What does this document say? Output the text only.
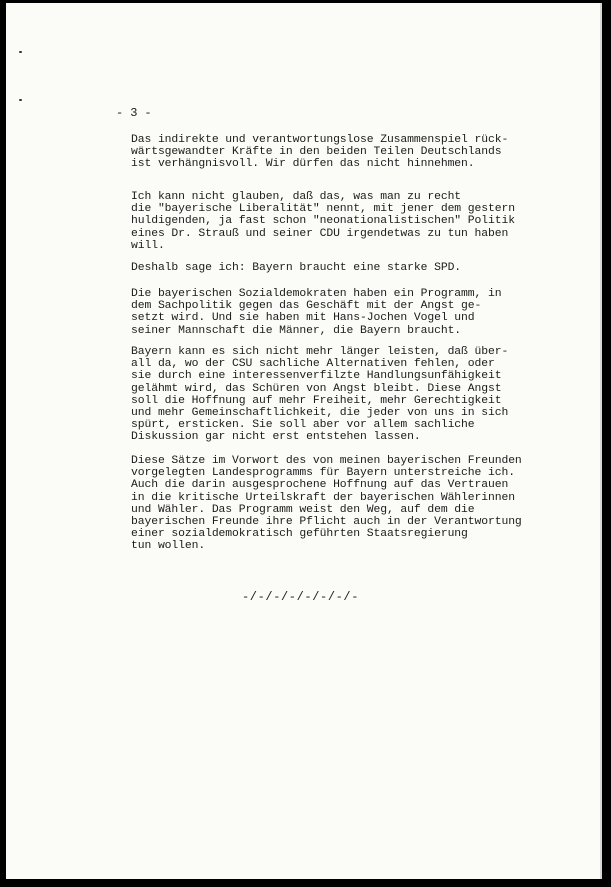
- 3 -

Das indirekte und verantwortungslose Zusammenspiel rück-
wärtsgewandter Kräfte in den beiden Teilen Deutschlands
ist verhängnisvoll. Wir dürfen das nicht hinnehmen.

Ich kann nicht glauben, daß das, was man zu recht
die "bayerische Liberalität" nennt, mit jener dem gestern
huldigenden, ja fast schon "neonationalistischen" Politik
eines Dr. Strauß und seiner CDU irgendetwas zu tun haben
will.

Deshalb sage ich: Bayern braucht eine starke SPD.

Die bayerischen Sozialdemokraten haben ein Programm, in
dem Sachpolitik gegen das Geschäft mit der Angst ge-
setzt wird. Und sie haben mit Hans-Jochen Vogel und
seiner Mannschaft die Männer, die Bayern braucht.

Bayern kann es sich nicht mehr länger leisten, daß über-
all da, wo der CSU sachliche Alternativen fehlen, oder
sie durch eine interessenverfilzte Handlungsunfähigkeit
gelähmt wird, das Schüren von Angst bleibt. Diese Angst
soll die Hoffnung auf mehr Freiheit, mehr Gerechtigkeit
und mehr Gemeinschaftlichkeit, die jeder von uns in sich
spürt, ersticken. Sie soll aber vor allem sachliche
Diskussion gar nicht erst entstehen lassen.

Diese Sätze im Vorwort des von meinen bayerischen Freunden
vorgelegten Landesprogramms für Bayern unterstreiche ich.
Auch die darin ausgesprochene Hoffnung auf das Vertrauen
in die kritische Urteilskraft der bayerischen Wählerinnen
und Wähler. Das Programm weist den Weg, auf dem die
bayerischen Freunde ihre Pflicht auch in der Verantwortung
einer sozialdemokratisch geführten Staatsregierung
tun wollen.

-/-/-/-/-/-/-/-
